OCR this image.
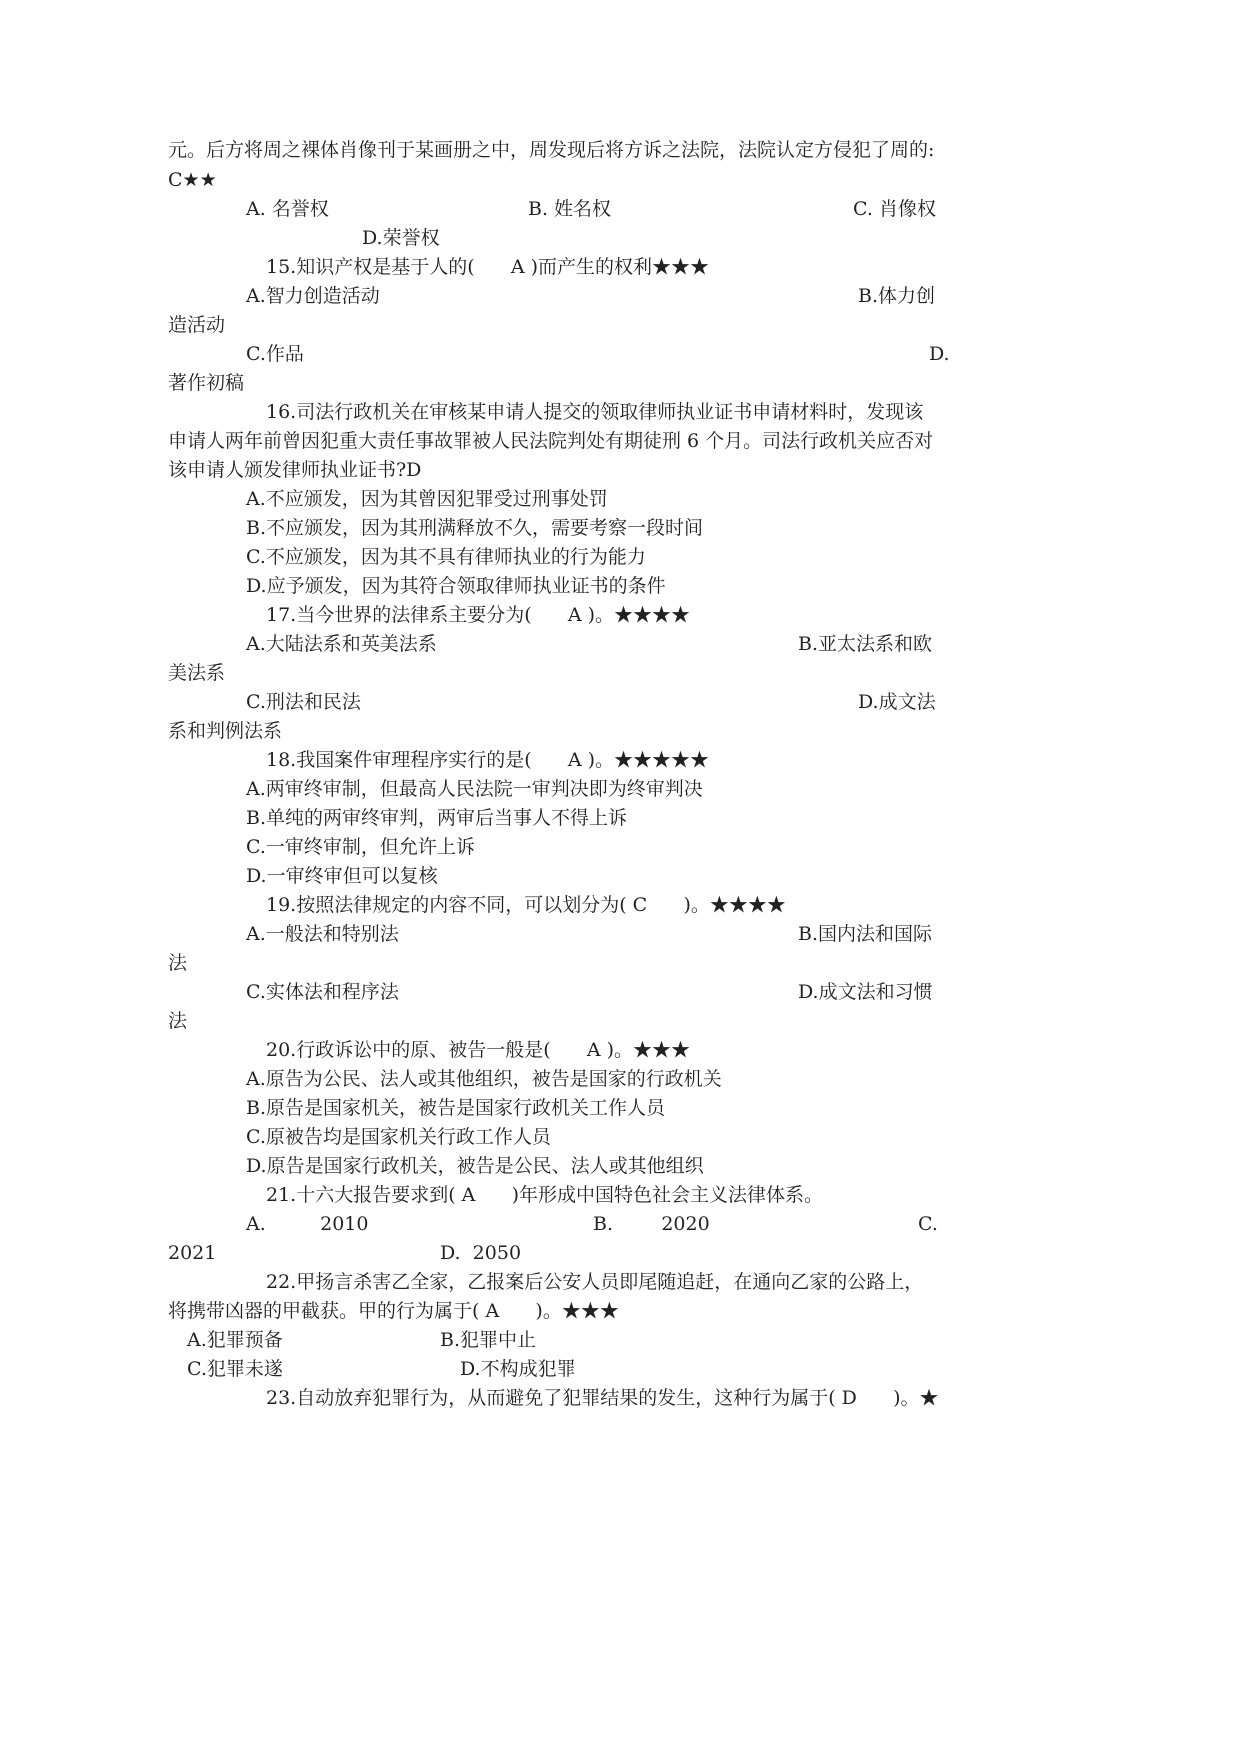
元。后方将周之裸体肖像刊于某画册之中，周发现后将方诉之法院，法院认定方侵犯了周的:
C★★
A. 名誉权	B. 姓名权	C. 肖像权
D.荣誉权
15.知识产权是基于人的(      A )而产生的权利★★★
A.智力创造活动	B.体力创
造活动
C.作品	D.
著作初稿
16.司法行政机关在审核某申请人提交的领取律师执业证书申请材料时，发现该
申请人两年前曾因犯重大责任事故罪被人民法院判处有期徒刑 6 个月。司法行政机关应否对
该申请人颁发律师执业证书?D
A.不应颁发，因为其曾因犯罪受过刑事处罚
B.不应颁发，因为其刑满释放不久，需要考察一段时间
C.不应颁发，因为其不具有律师执业的行为能力
D.应予颁发，因为其符合领取律师执业证书的条件
17.当今世界的法律系主要分为(      A )。★★★★
A.大陆法系和英美法系	B.亚太法系和欧
美法系
C.刑法和民法	D.成文法
系和判例法系
18.我国案件审理程序实行的是(      A )。★★★★★
A.两审终审制，但最高人民法院一审判决即为终审判决
B.单纯的两审终审判，两审后当事人不得上诉
C.一审终审制，但允许上诉
D.一审终审但可以复核
19.按照法律规定的内容不同，可以划分为( C      )。★★★★
A.一般法和特别法	B.国内法和国际
法
C.实体法和程序法	D.成文法和习惯
法
20.行政诉讼中的原、被告一般是(      A )。★★★
A.原告为公民、法人或其他组织，被告是国家的行政机关
B.原告是国家机关，被告是国家行政机关工作人员
C.原被告均是国家机关行政工作人员
D.原告是国家行政机关，被告是公民、法人或其他组织
21.十六大报告要求到( A      )年形成中国特色社会主义法律体系。
A.         2010	B.        2020	C.
2021	D.  2050
22.甲扬言杀害乙全家，乙报案后公安人员即尾随追赶，在通向乙家的公路上，
将携带凶器的甲截获。甲的行为属于( A      )。★★★
A.犯罪预备	B.犯罪中止
C.犯罪未遂	D.不构成犯罪
23.自动放弃犯罪行为，从而避免了犯罪结果的发生，这种行为属于( D      )。★
